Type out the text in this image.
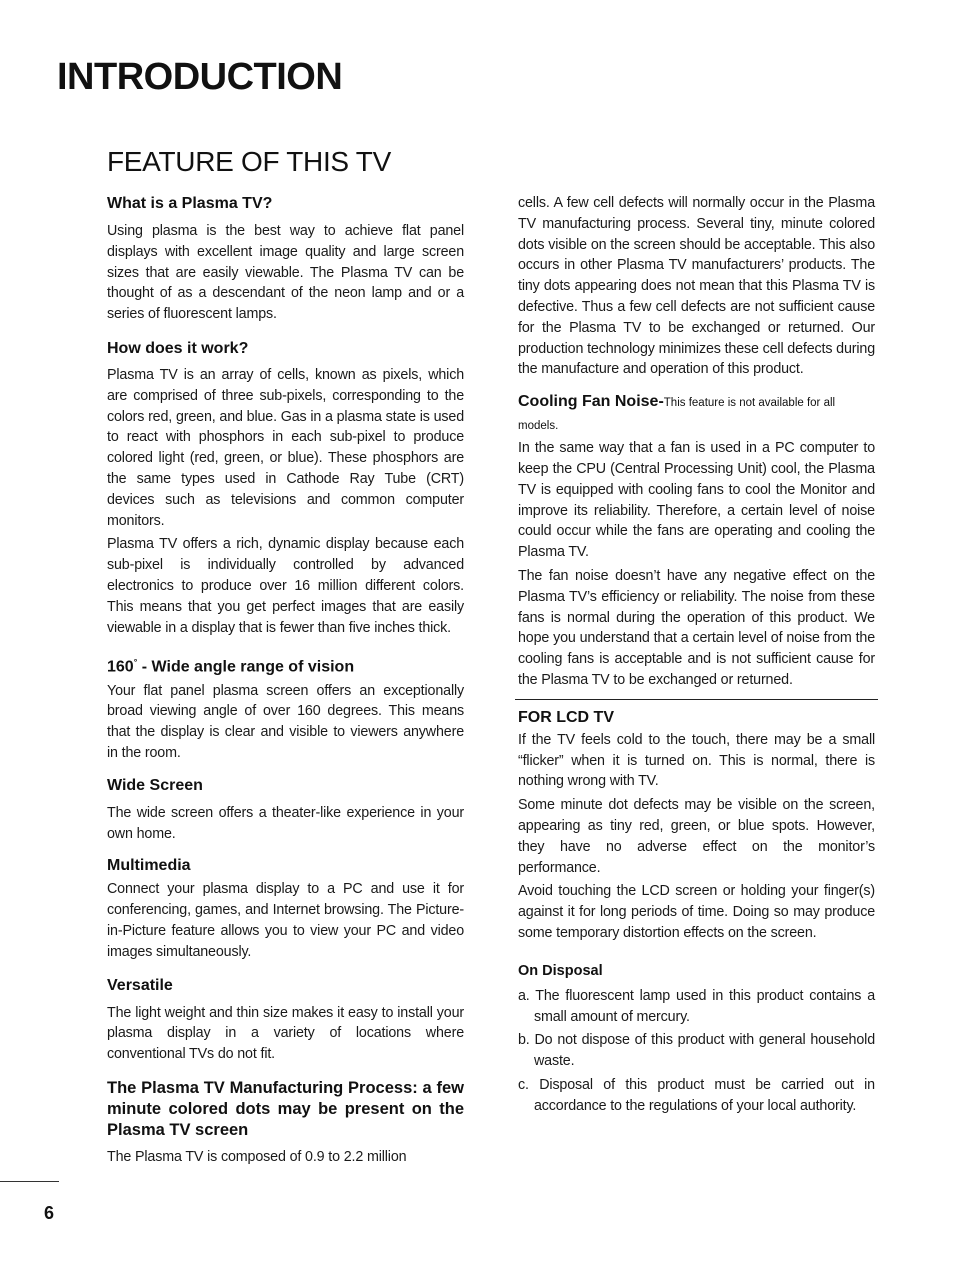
INTRODUCTION
FEATURE OF THIS TV
What is a Plasma TV?

Using plasma is the best way to achieve flat panel displays with excellent image quality and large screen sizes that are easily viewable. The Plasma TV can be thought of as a descendant of the neon lamp and or a series of fluorescent lamps.

How does it work?

Plasma TV is an array of cells, known as pixels, which are comprised of three sub-pixels, corresponding to the colors red, green, and blue. Gas in a plasma state is used to react with phosphors in each sub-pixel to produce colored light (red, green, or blue). These phosphors are the same types used in Cathode Ray Tube (CRT) devices such as televisions and common computer monitors.

Plasma TV offers a rich, dynamic display because each sub-pixel is individually controlled by advanced electronics to produce over 16 million different colors. This means that you get perfect images that are easily viewable in a display that is fewer than five inches thick.

160° - Wide angle range of vision

Your flat panel plasma screen offers an exceptionally broad viewing angle of over 160 degrees. This means that the display is clear and visible to viewers anywhere in the room.

Wide Screen

The wide screen offers a theater-like experience in your own home.

Multimedia

Connect your plasma display to a PC and use it for conferencing, games, and Internet browsing. The Picture-in-Picture feature allows you to view your PC and video images simultaneously.

Versatile

The light weight and thin size makes it easy to install your plasma display in a variety of locations where conventional TVs do not fit.

The Plasma TV Manufacturing Process: a few minute colored dots may be present on the Plasma TV screen

The Plasma TV is composed of 0.9 to 2.2 million

cells. A few cell defects will normally occur in the Plasma TV manufacturing process. Several tiny, minute colored dots visible on the screen should be acceptable. This also occurs in other Plasma TV manufacturers’ products. The tiny dots appearing does not mean that this Plasma TV is defective. Thus a few cell defects are not sufficient cause for the Plasma TV to be exchanged or returned. Our production technology minimizes these cell defects during the manufacture and operation of this product.

Cooling Fan Noise-This feature is not available for all models.

In the same way that a fan is used in a PC computer to keep the CPU (Central Processing Unit) cool, the Plasma TV is equipped with cooling fans to cool the Monitor and improve its reliability. Therefore, a certain level of noise could occur while the fans are operating and cooling the Plasma TV.

The fan noise doesn’t have any negative effect on the Plasma TV’s efficiency or reliability. The noise from these fans is normal during the operation of this product. We hope you understand that a certain level of noise from the cooling fans is acceptable and is not sufficient cause for the Plasma TV to be exchanged or returned.

FOR LCD TV

If the TV feels cold to the touch, there may be a small “flicker” when it is turned on. This is normal, there is nothing wrong with TV.

Some minute dot defects may be visible on the screen, appearing as tiny red, green, or blue spots. However, they have no adverse effect on the monitor’s performance.

Avoid touching the LCD screen or holding your finger(s) against it for long periods of time. Doing so may produce some temporary distortion effects on the screen.

On Disposal
a. The fluorescent lamp used in this product contains a small amount of mercury.
b. Do not dispose of this product with general household waste.
c. Disposal of this product must be carried out in accordance to the regulations of your local authority.
6
